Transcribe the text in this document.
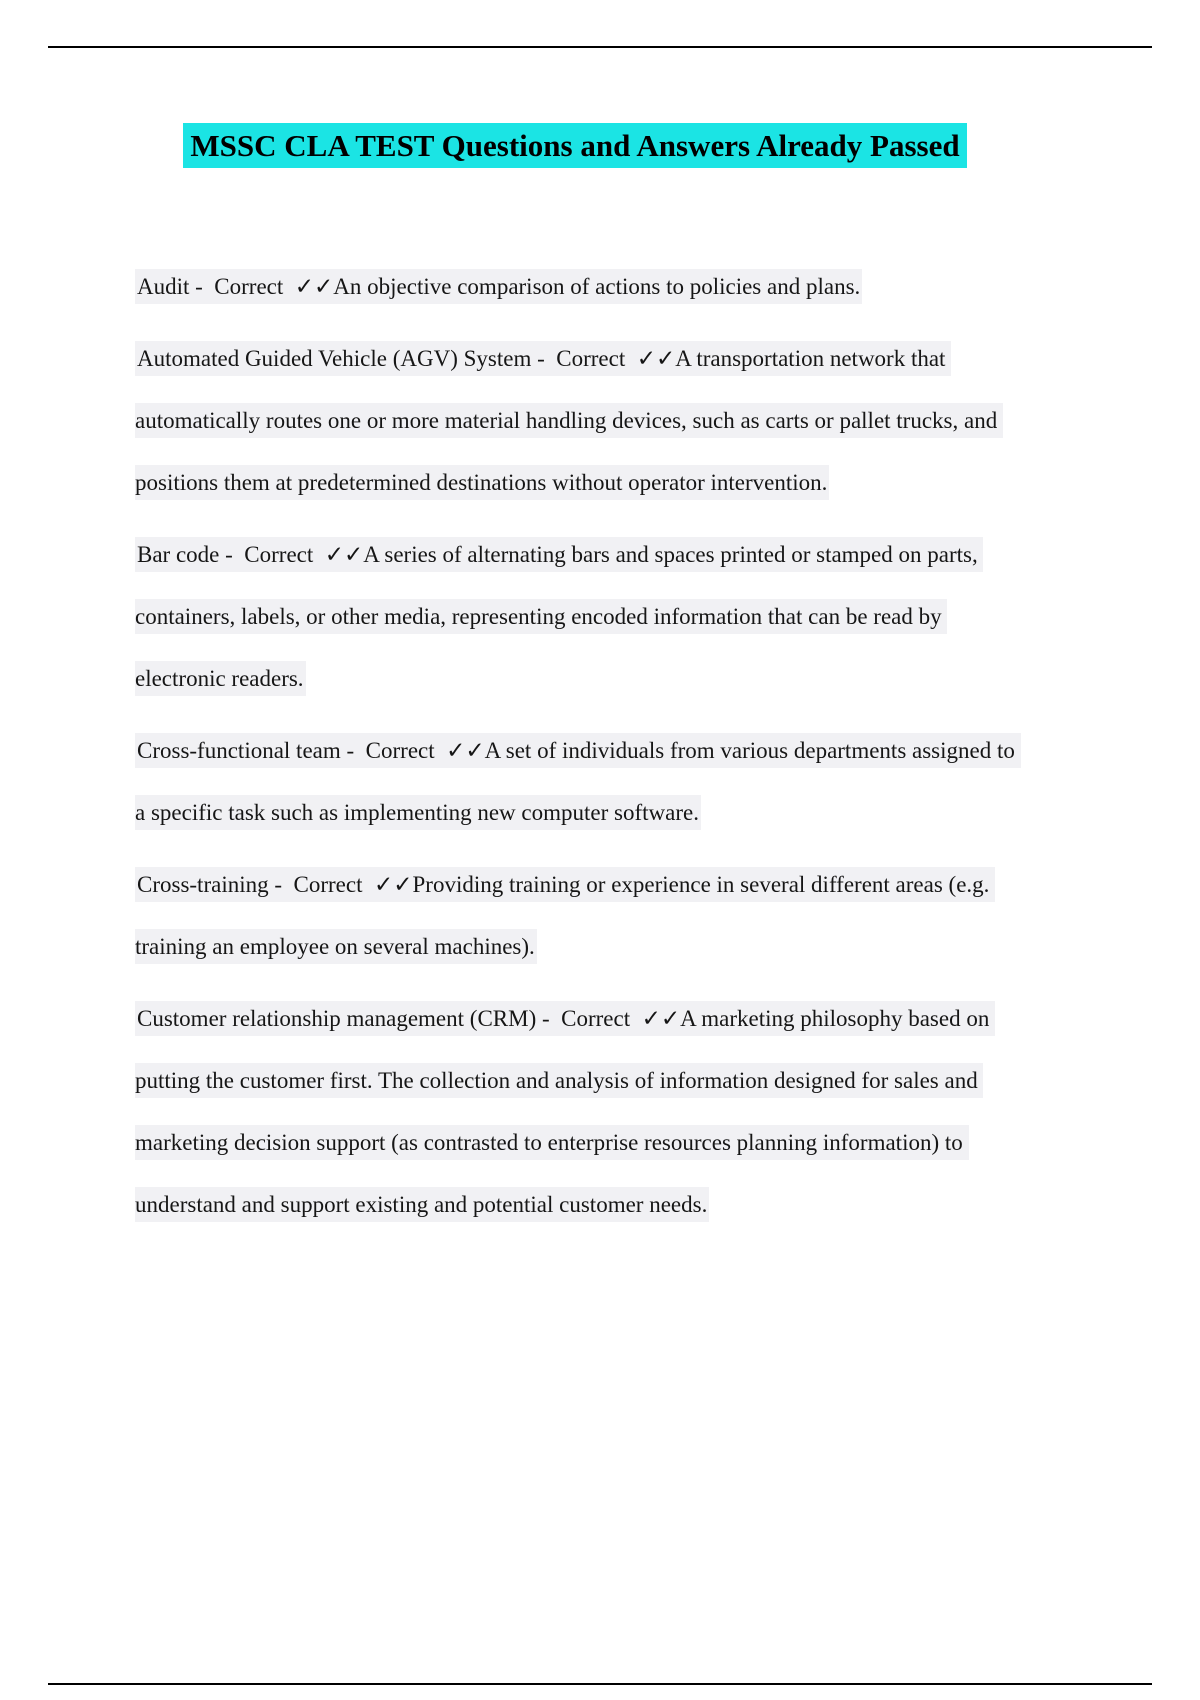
MSSC CLA TEST Questions and Answers Already Passed

Audit -  Correct  ✓✓An objective comparison of actions to policies and plans.

Automated Guided Vehicle (AGV) System -  Correct  ✓✓A transportation network that automatically routes one or more material handling devices, such as carts or pallet trucks, and positions them at predetermined destinations without operator intervention.

Bar code -  Correct  ✓✓A series of alternating bars and spaces printed or stamped on parts, containers, labels, or other media, representing encoded information that can be read by electronic readers.

Cross-functional team -  Correct  ✓✓A set of individuals from various departments assigned to a specific task such as implementing new computer software.

Cross-training -  Correct  ✓✓Providing training or experience in several different areas (e.g. training an employee on several machines).

Customer relationship management (CRM) -  Correct  ✓✓A marketing philosophy based on putting the customer first. The collection and analysis of information designed for sales and marketing decision support (as contrasted to enterprise resources planning information) to understand and support existing and potential customer needs.
